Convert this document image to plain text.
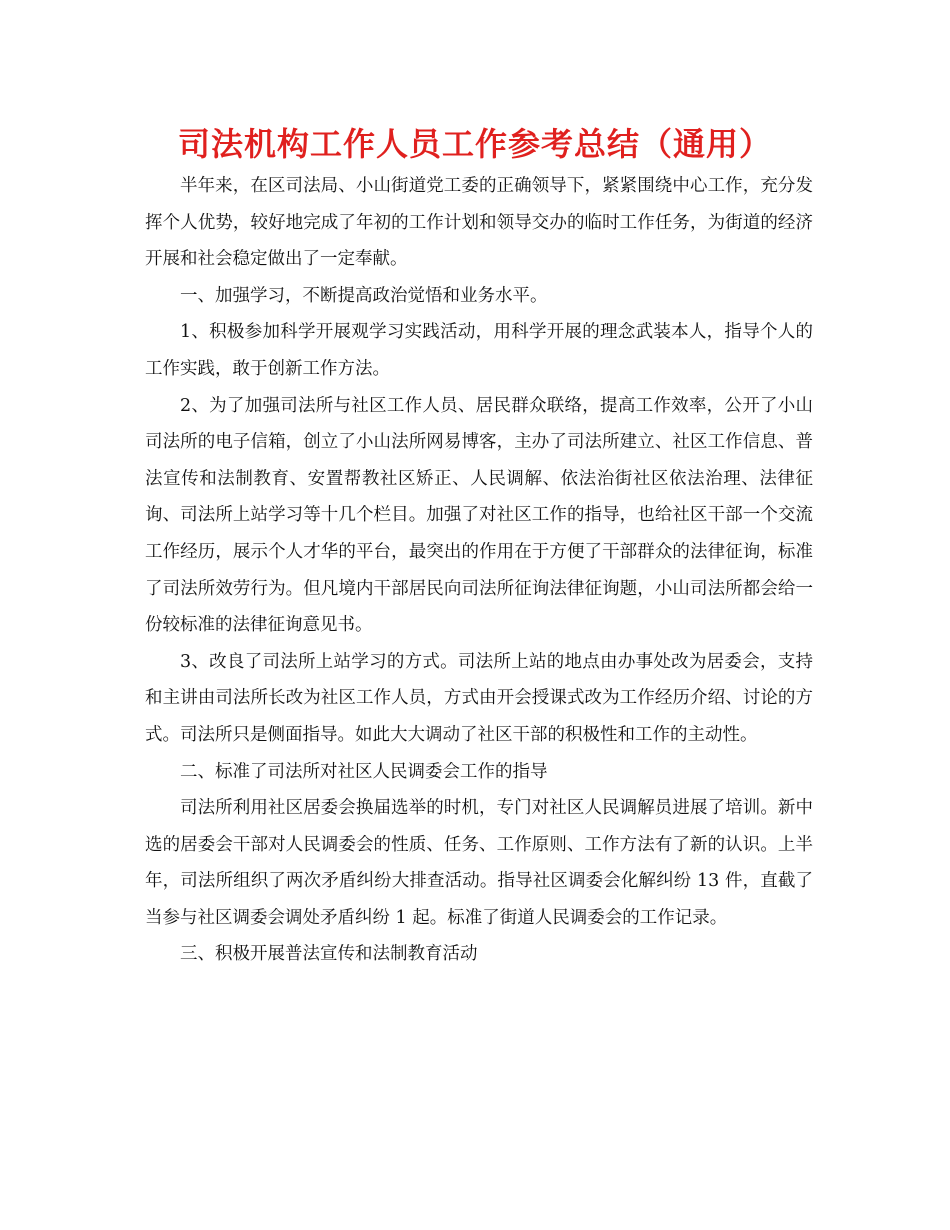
司法机构工作人员工作参考总结（通用）

半年来，在区司法局、小山街道党工委的正确领导下，紧紧围绕中心工作，充分发挥个人优势，较好地完成了年初的工作计划和领导交办的临时工作任务，为街道的经济开展和社会稳定做出了一定奉献。

一、加强学习，不断提高政治觉悟和业务水平。

1、积极参加科学开展观学习实践活动，用科学开展的理念武装本人，指导个人的工作实践，敢于创新工作方法。

2、为了加强司法所与社区工作人员、居民群众联络，提高工作效率，公开了小山司法所的电子信箱，创立了小山法所网易博客，主办了司法所建立、社区工作信息、普法宣传和法制教育、安置帮教社区矫正、人民调解、依法治街社区依法治理、法律征询、司法所上站学习等十几个栏目。加强了对社区工作的指导，也给社区干部一个交流工作经历，展示个人才华的平台，最突出的作用在于方便了干部群众的法律征询，标准了司法所效劳行为。但凡境内干部居民向司法所征询法律征询题，小山司法所都会给一份较标准的法律征询意见书。

3、改良了司法所上站学习的方式。司法所上站的地点由办事处改为居委会，支持和主讲由司法所长改为社区工作人员，方式由开会授课式改为工作经历介绍、讨论的方式。司法所只是侧面指导。如此大大调动了社区干部的积极性和工作的主动性。

二、标准了司法所对社区人民调委会工作的指导

司法所利用社区居委会换届选举的时机，专门对社区人民调解员进展了培训。新中选的居委会干部对人民调委会的性质、任务、工作原则、工作方法有了新的认识。上半年，司法所组织了两次矛盾纠纷大排查活动。指导社区调委会化解纠纷 13 件，直截了当参与社区调委会调处矛盾纠纷 1 起。标准了街道人民调委会的工作记录。

三、积极开展普法宣传和法制教育活动
